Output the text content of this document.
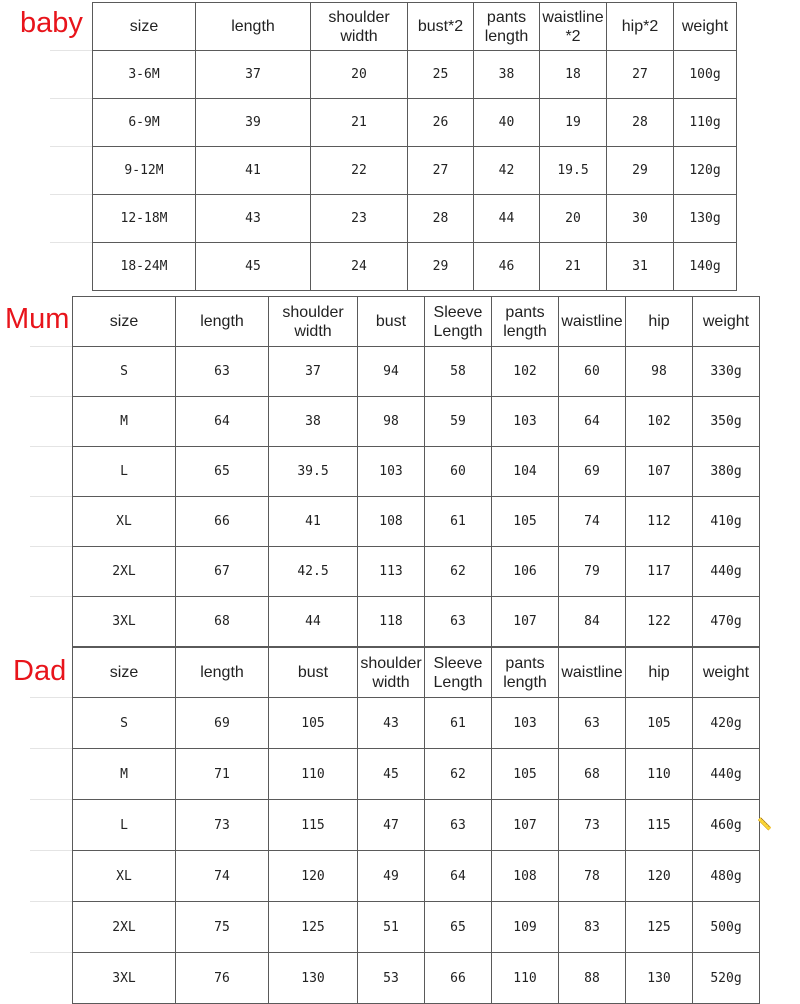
baby
Mum
Dad
size	length	shoulder width	bust*2	pants length	waistline *2	hip*2	weight
3-6M	37	20	25	38	18	27	100g
6-9M	39	21	26	40	19	28	110g
9-12M	41	22	27	42	19.5	29	120g
12-18M	43	23	28	44	20	30	130g
18-24M	45	24	29	46	21	31	140g
size	length	shoulder width	bust	Sleeve Length	pants length	waistline	hip	weight
S	63	37	94	58	102	60	98	330g
M	64	38	98	59	103	64	102	350g
L	65	39.5	103	60	104	69	107	380g
XL	66	41	108	61	105	74	112	410g
2XL	67	42.5	113	62	106	79	117	440g
3XL	68	44	118	63	107	84	122	470g
size	length	bust	shoulder width	Sleeve Length	pants length	waistline	hip	weight
S	69	105	43	61	103	63	105	420g
M	71	110	45	62	105	68	110	440g
L	73	115	47	63	107	73	115	460g
XL	74	120	49	64	108	78	120	480g
2XL	75	125	51	65	109	83	125	500g
3XL	76	130	53	66	110	88	130	520g
📏
